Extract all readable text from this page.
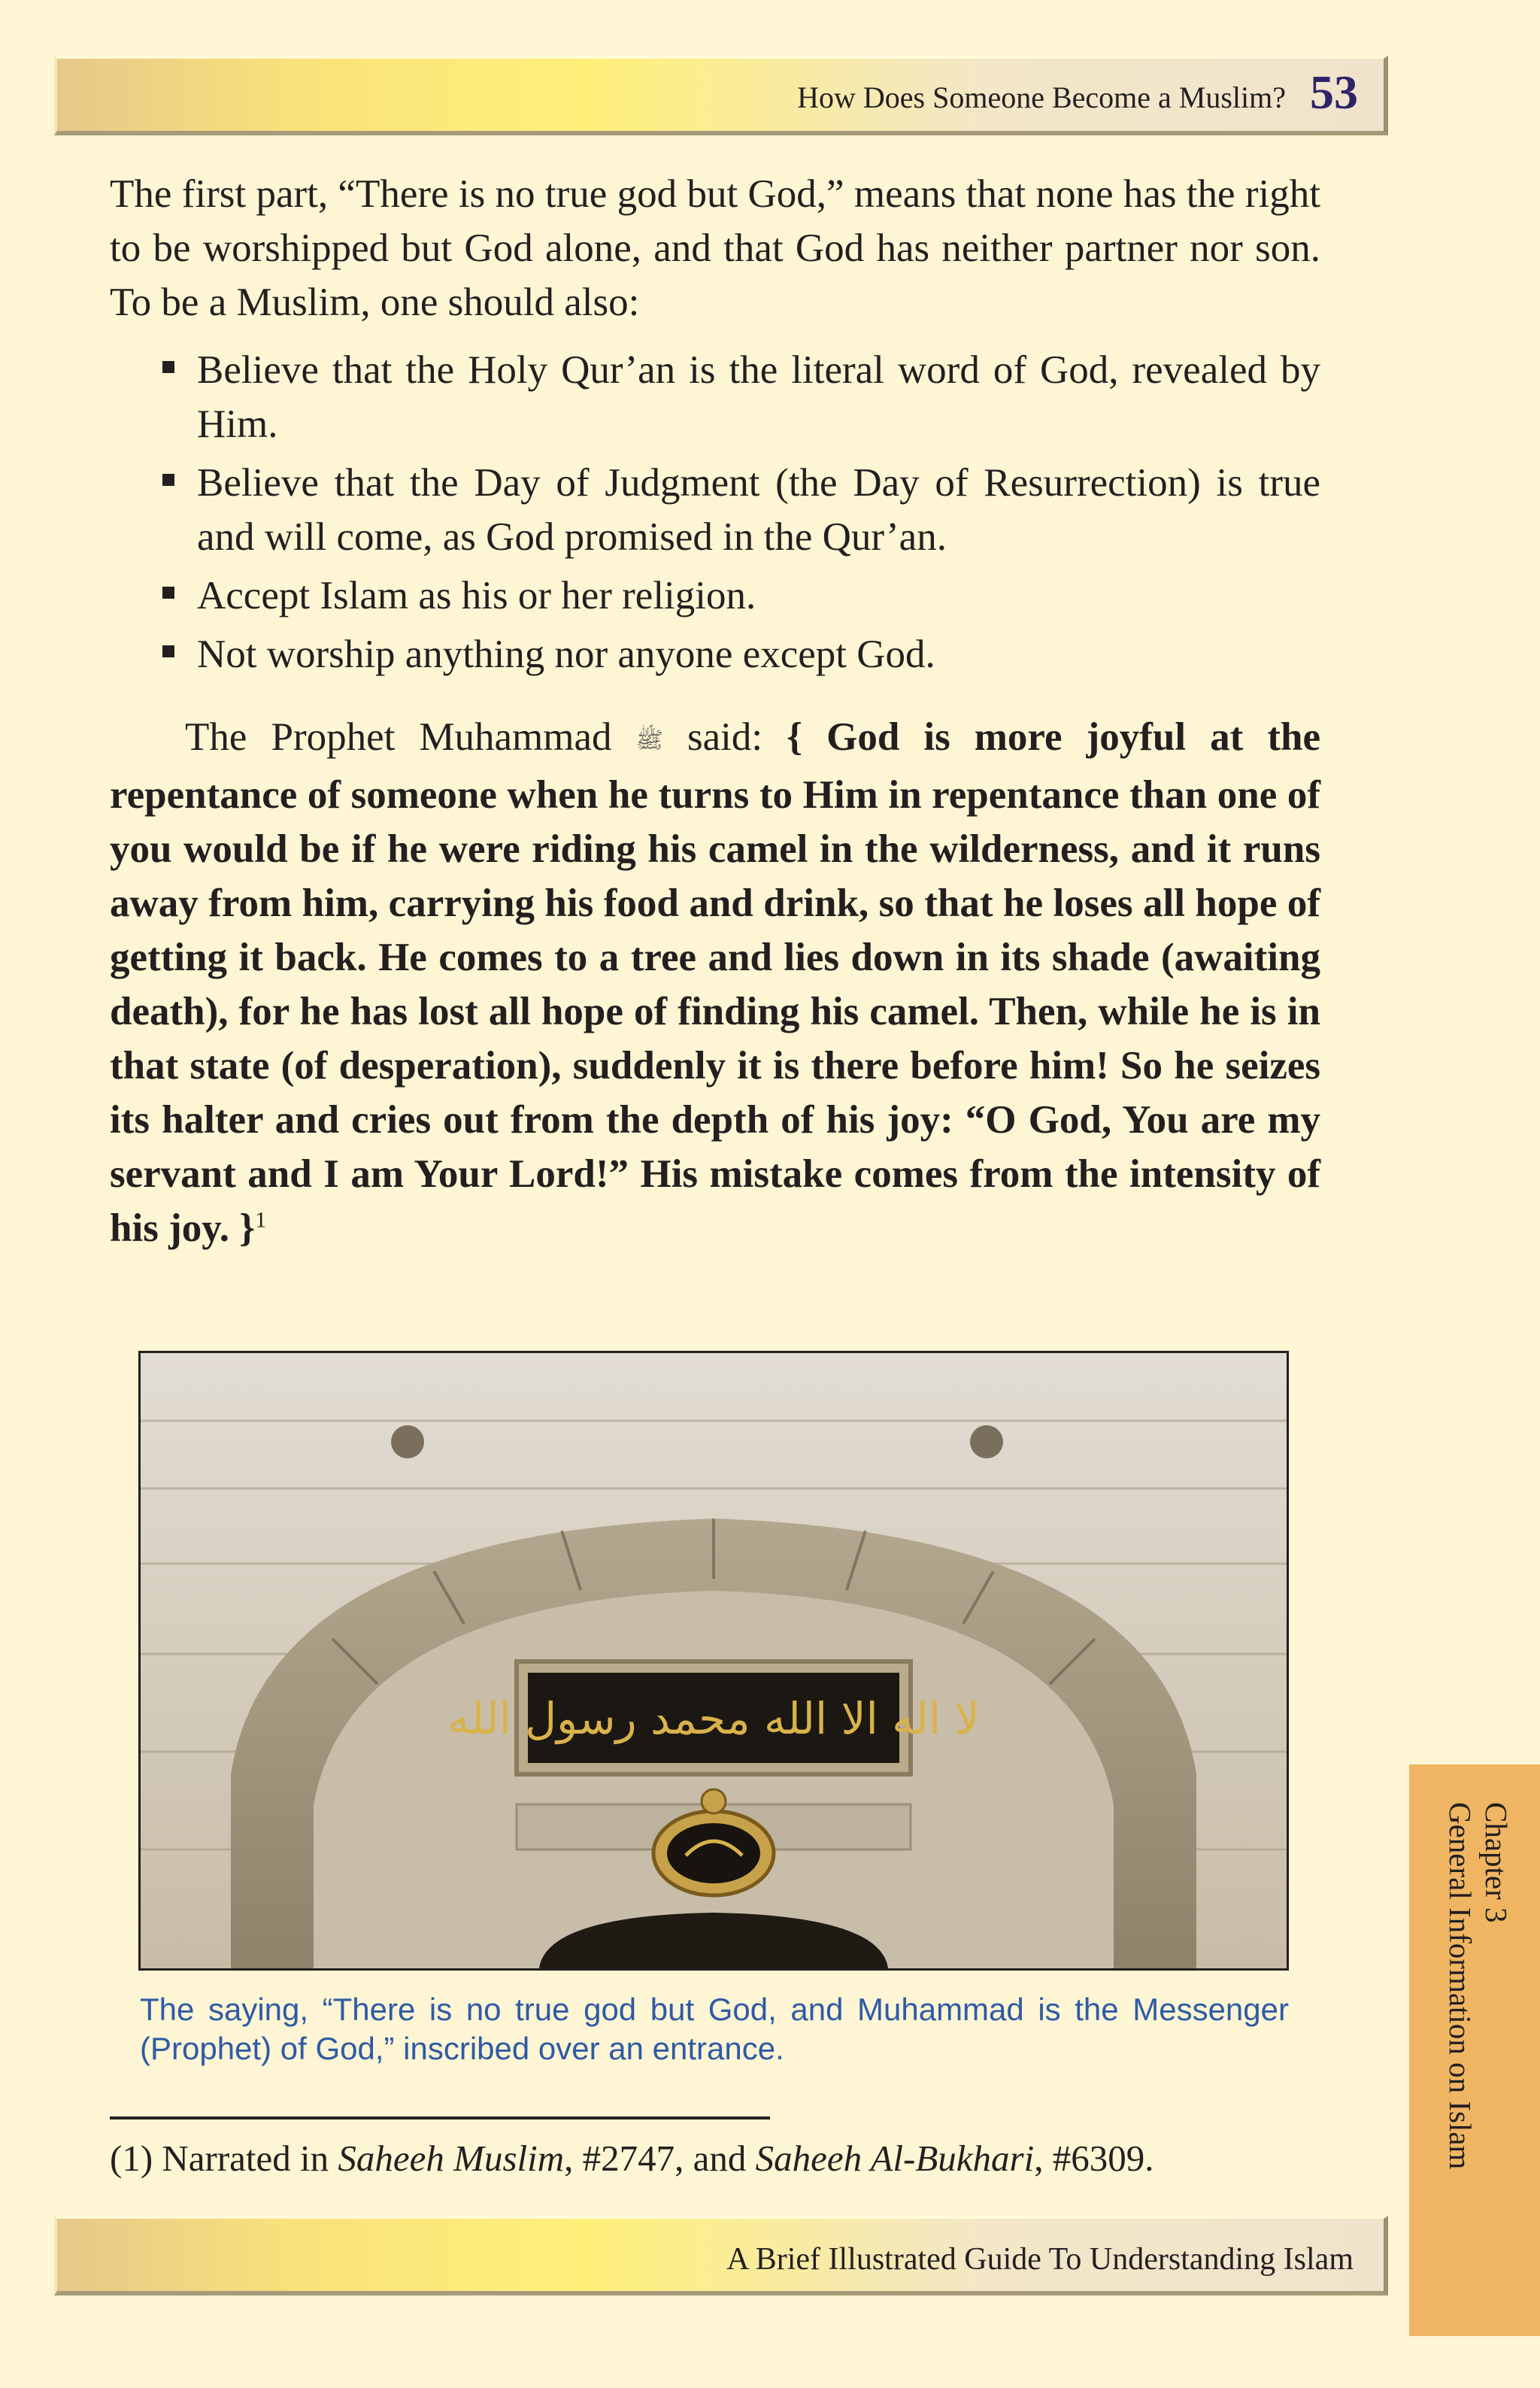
How Does Someone Become a Muslim? 53

The first part, “There is no true god but God,” means that none has the right to be worshipped but God alone, and that God has neither partner nor son. To be a Muslim, one should also:

Believe that the Holy Qur’an is the literal word of God, revealed by Him.
Believe that the Day of Judgment (the Day of Resurrection) is true and will come, as God promised in the Qur’an.
Accept Islam as his or her religion.
Not worship anything nor anyone except God.

The Prophet Muhammad ﷺ said: { God is more joyful at the repentance of someone when he turns to Him in repentance than one of you would be if he were riding his camel in the wilderness, and it runs away from him, carrying his food and drink, so that he loses all hope of getting it back. He comes to a tree and lies down in its shade (awaiting death), for he has lost all hope of finding his camel. Then, while he is in that state (of desperation), suddenly it is there before him! So he seizes its halter and cries out from the depth of his joy: “O God, You are my servant and I am Your Lord!” His mistake comes from the intensity of his joy. }$^1$

لا اله الا الله محمد رسول الله
The saying, “There is no true god but God, and Muhammad is the Messenger (Prophet) of God,” inscribed over an entrance.
(1) Narrated in Saheeh Muslim, #2747, and Saheeh Al-Bukhari, #6309.
Chapter 3
General Information on Islam
A Brief Illustrated Guide To Understanding Islam
